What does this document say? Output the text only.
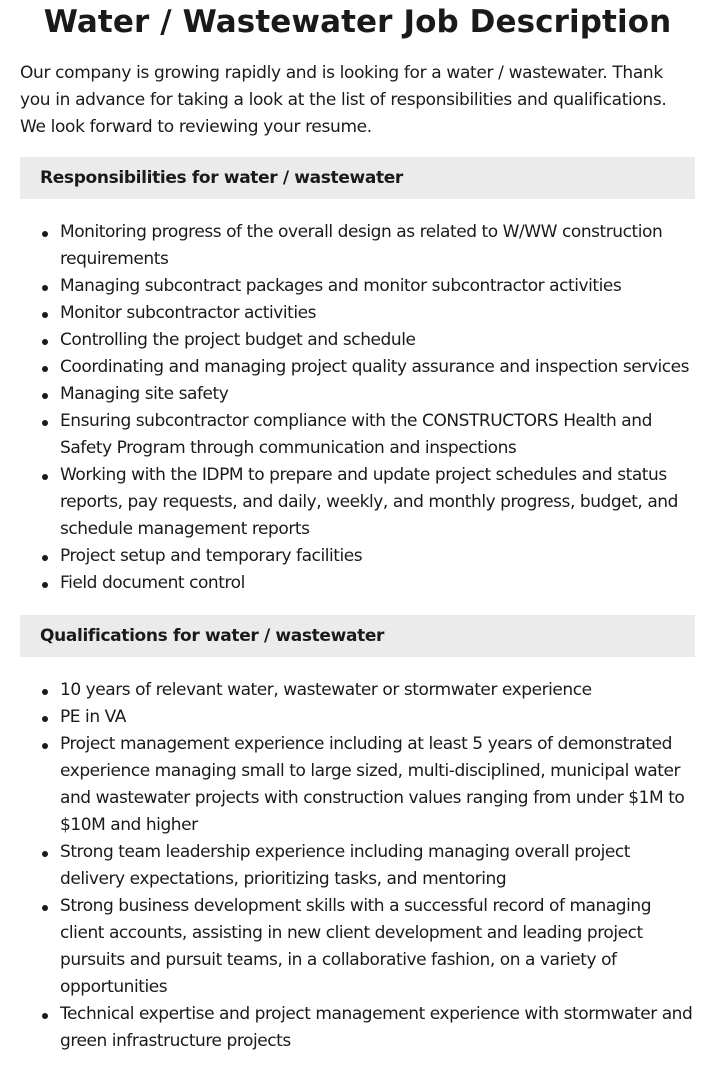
Water / Wastewater Job Description

Our company is growing rapidly and is looking for a water / wastewater. Thank you in advance for taking a look at the list of responsibilities and qualifications. We look forward to reviewing your resume.

Responsibilities for water / wastewater
Monitoring progress of the overall design as related to W/WW construction requirements
Managing subcontract packages and monitor subcontractor activities
Monitor subcontractor activities
Controlling the project budget and schedule
Coordinating and managing project quality assurance and inspection services
Managing site safety
Ensuring subcontractor compliance with the CONSTRUCTORS Health and Safety Program through communication and inspections
Working with the IDPM to prepare and update project schedules and status reports, pay requests, and daily, weekly, and monthly progress, budget, and schedule management reports
Project setup and temporary facilities
Field document control
Qualifications for water / wastewater
10 years of relevant water, wastewater or stormwater experience
PE in VA
Project management experience including at least 5 years of demonstrated experience managing small to large sized, multi-disciplined, municipal water and wastewater projects with construction values ranging from under $1M to $10M and higher
Strong team leadership experience including managing overall project delivery expectations, prioritizing tasks, and mentoring
Strong business development skills with a successful record of managing client accounts, assisting in new client development and leading project pursuits and pursuit teams, in a collaborative fashion, on a variety of opportunities
Technical expertise and project management experience with stormwater and green infrastructure projects
